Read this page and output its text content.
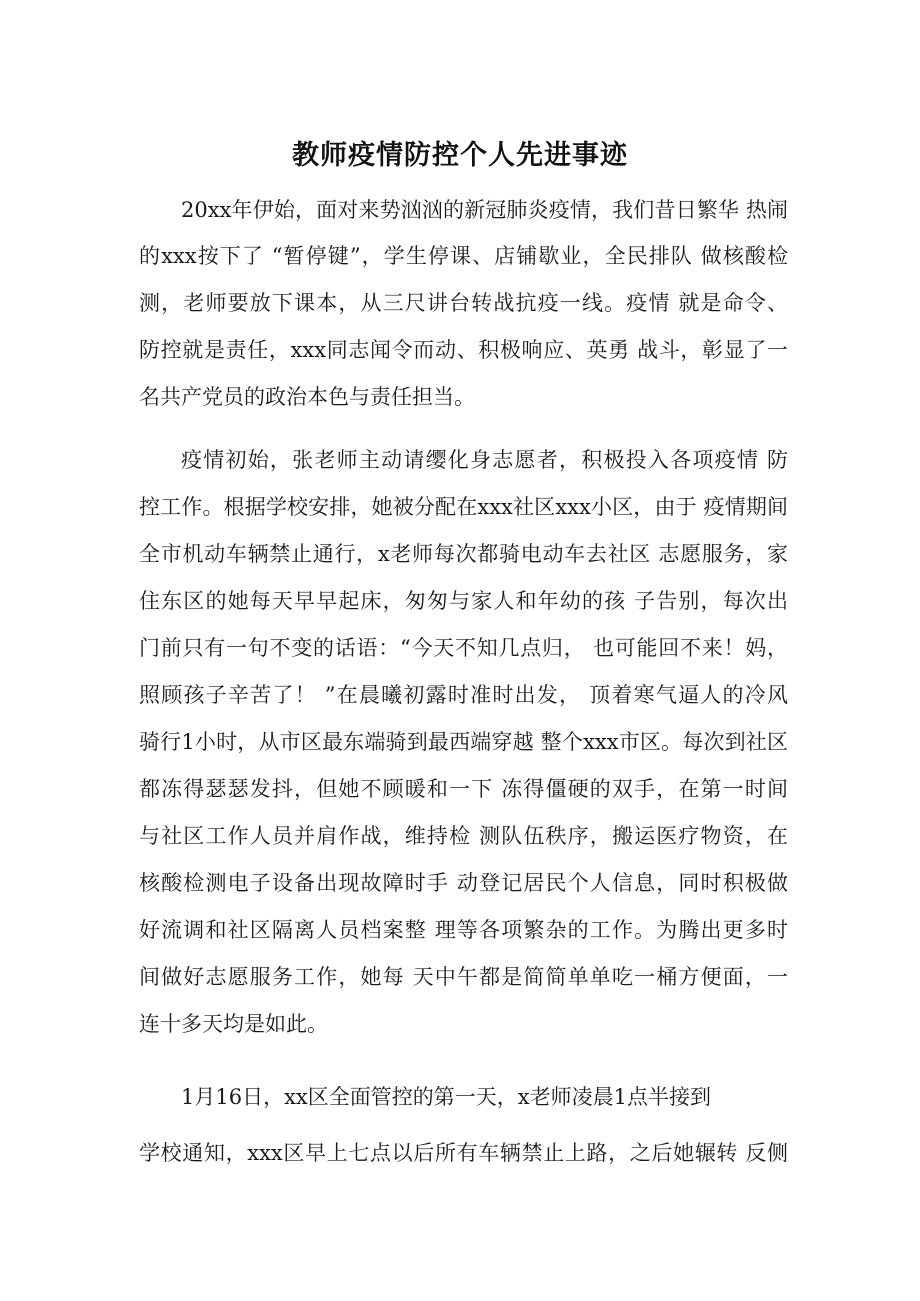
教师疫情防控个人先进事迹
20xx年伊始，面对来势汹汹的新冠肺炎疫情，我们昔日繁华 热闹
的xxx按下了 “暂停键”，学生停课、店铺歇业，全民排队 做核酸检
测，老师要放下课本，从三尺讲台转战抗疫一线。疫情 就是命令、
防控就是责任，xxx同志闻令而动、积极响应、英勇 战斗，彰显了一
名共产党员的政治本色与责任担当。
疫情初始，张老师主动请缨化身志愿者，积极投入各项疫情 防
控工作。根据学校安排，她被分配在xxx社区xxx小区，由于 疫情期间
全市机动车辆禁止通行，x老师每次都骑电动车去社区 志愿服务，家
住东区的她每天早早起床，匆匆与家人和年幼的孩 子告别，每次出
门前只有一句不变的话语：“今天不知几点归， 也可能回不来！妈，
照顾孩子辛苦了！ ”在晨曦初露时准时出发， 顶着寒气逼人的冷风
骑行1小时，从市区最东端骑到最西端穿越 整个xxx市区。每次到社区
都冻得瑟瑟发抖，但她不顾暖和一下 冻得僵硬的双手，在第一时间
与社区工作人员并肩作战，维持检 测队伍秩序，搬运医疗物资，在
核酸检测电子设备出现故障时手 动登记居民个人信息，同时积极做
好流调和社区隔离人员档案整 理等各项繁杂的工作。为腾出更多时
间做好志愿服务工作，她每 天中午都是简简单单吃一桶方便面，一
连十多天均是如此。
1月16日，xx区全面管控的第一天，x老师凌晨1点半接到
学校通知，xxx区早上七点以后所有车辆禁止上路，之后她辗转 反侧
